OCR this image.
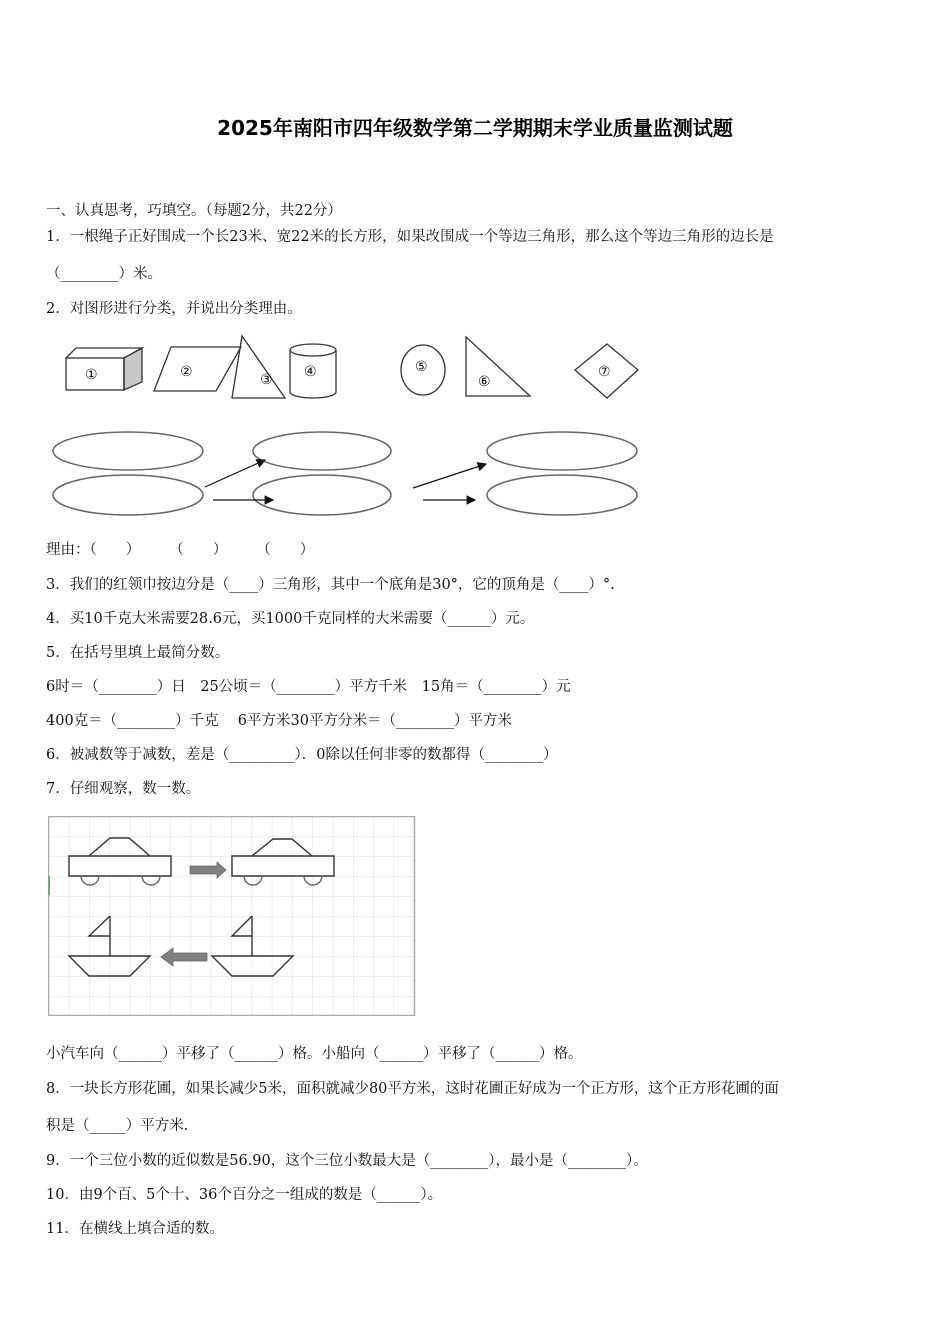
2025年南阳市四年级数学第二学期期末学业质量监测试题
一、认真思考，巧填空。（每题2分，共22分）
1．一根绳子正好围成一个长23米、宽22米的长方形，如果改围成一个等边三角形，那么这个等边三角形的边长是
（________）米。
2．对图形进行分类，并说出分类理由。
①	②	③ ④	⑤
⑥
⑦
理由：（　　）　　　（　　）　　　（　　）
3．我们的红领巾按边分是（____）三角形，其中一个底角是30°，它的顶角是（____）°.
4．买10千克大米需要28.6元，买1000千克同样的大米需要（______）元。
5．在括号里填上最简分数。
6时＝（________）日　25公顷＝（________）平方千米　15角＝（________）元
400克＝（________）千克　 6平方米30平方分米＝（________）平方米
6．被减数等于减数，差是（_________）．0除以任何非零的数都得（________）
7．仔细观察，数一数。
小汽车向（______）平移了（______）格。小船向（______）平移了（______）格。
8．一块长方形花圃，如果长减少5米，面积就减少80平方米，这时花圃正好成为一个正方形，这个正方形花圃的面
积是（_____）平方米.
9．一个三位小数的近似数是56.90，这个三位小数最大是（________），最小是（________）。
10．由9个百、5个十、36个百分之一组成的数是（______）。
11．在横线上填合适的数。
